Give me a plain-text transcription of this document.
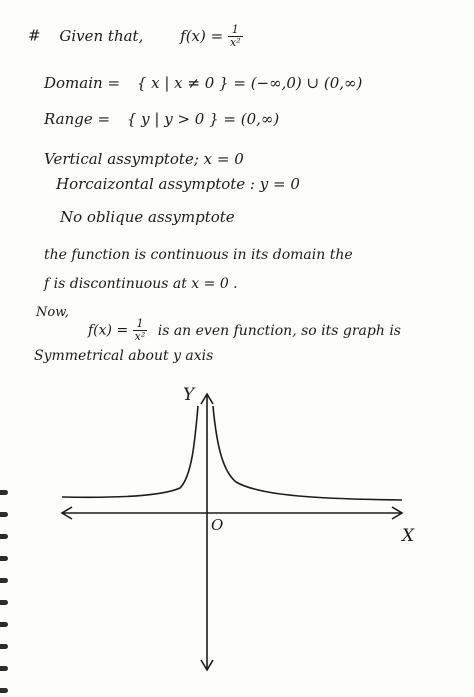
# Given that, $f(x) = \frac{1}{\text{x²}}$
Domain = { x | x ≠ 0 } = (−∞,0) ∪ (0,∞)
Range = { y | y > 0 } = (0,∞)
Vertical assymptote; x = 0
Horcaizontal assymptote : y = 0
No oblique assymptote
the function is continuous in its domain the
f is discontinuous at x = 0 .
Now,
$f(x) = \frac{1}{\text{x²}}$ is an even function, so its graph is
Symmetrical about y axis
Y
X
O
